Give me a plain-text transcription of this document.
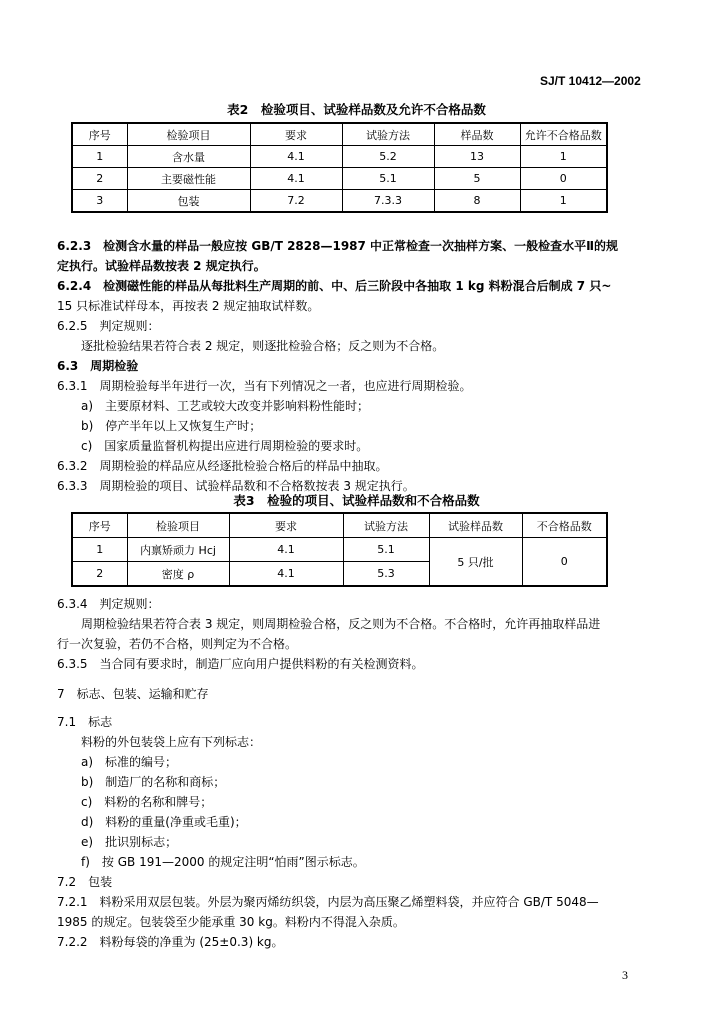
SJ/T 10412—2002
表2　检验项目、试验样品数及允许不合格品数
序号	检验项目	要求	试验方法	样品数	允许不合格品数
1	含水量	4.1	5.2	13	1
2	主要磁性能	4.1	5.1	5	0
3	包装	7.2	7.3.3	8	1
6.2.3　检测含水量的样品一般应按 GB/T 2828—1987 中正常检查一次抽样方案、一般检查水平Ⅱ的规
定执行。试验样品数按表 2 规定执行。
6.2.4　检测磁性能的样品从每批料生产周期的前、中、后三阶段中各抽取 1 kg 料粉混合后制成 7 只~
15 只标准试样母本，再按表 2 规定抽取试样数。
6.2.5　判定规则：
逐批检验结果若符合表 2 规定，则逐批检验合格；反之则为不合格。
6.3　周期检验
6.3.1　周期检验每半年进行一次，当有下列情况之一者，也应进行周期检验。
a)　主要原材料、工艺或较大改变并影响料粉性能时；
b)　停产半年以上又恢复生产时；
c)　国家质量监督机构提出应进行周期检验的要求时。
6.3.2　周期检验的样品应从经逐批检验合格后的样品中抽取。
6.3.3　周期检验的项目、试验样品数和不合格数按表 3 规定执行。
表3　检验的项目、试验样品数和不合格品数
序号	检验项目	要求	试验方法	试验样品数	不合格品数
1	内禀矫顽力 Hcj	4.1	5.1	5 只/批	0
2	密度 ρ	4.1	5.3		
6.3.4　判定规则：
周期检验结果若符合表 3 规定，则周期检验合格，反之则为不合格。不合格时，允许再抽取样品进
行一次复验，若仍不合格，则判定为不合格。
6.3.5　当合同有要求时，制造厂应向用户提供料粉的有关检测资料。
7　标志、包装、运输和贮存
7.1　标志
料粉的外包装袋上应有下列标志：
a)　标准的编号；
b)　制造厂的名称和商标；
c)　料粉的名称和牌号；
d)　料粉的重量(净重或毛重)；
e)　批识别标志；
f)　按 GB 191—2000 的规定注明“怕雨”图示标志。
7.2　包装
7.2.1　料粉采用双层包装。外层为聚丙烯纺织袋，内层为高压聚乙烯塑料袋，并应符合 GB/T 5048—
1985 的规定。包装袋至少能承重 30 kg。料粉内不得混入杂质。
7.2.2　料粉每袋的净重为 (25±0.3) kg。
3
